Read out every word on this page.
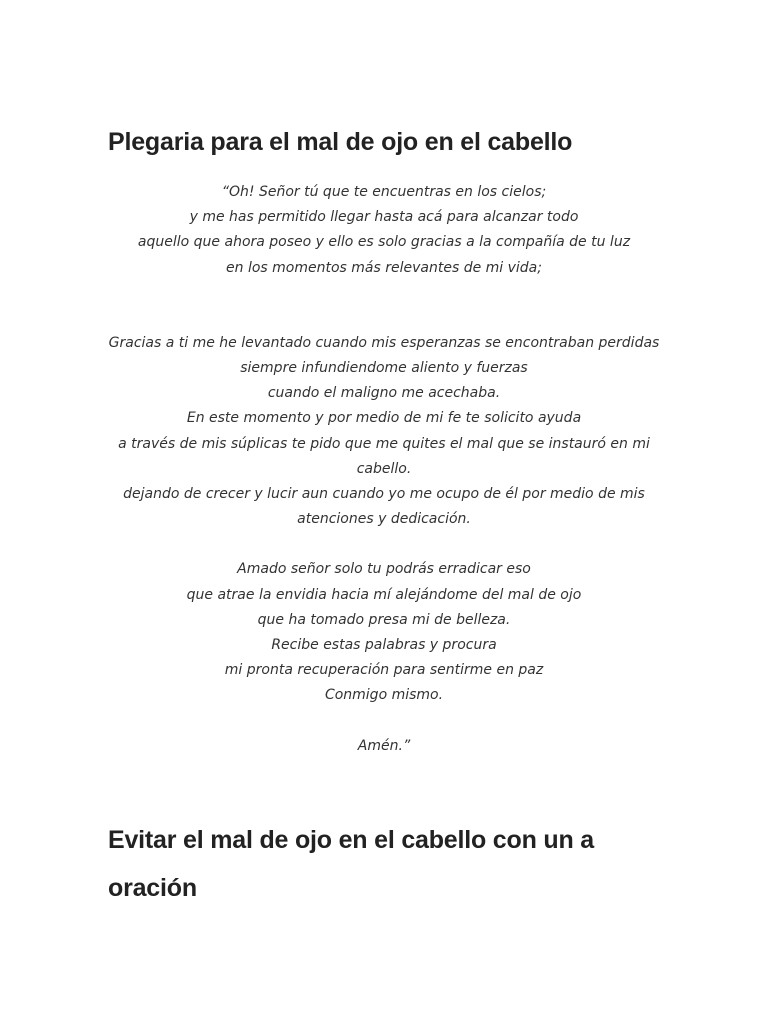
Plegaria para el mal de ojo en el cabello

“Oh! Señor tú que te encuentras en los cielos;
y me has permitido llegar hasta acá para alcanzar todo
aquello que ahora poseo y ello es solo gracias a la compañía de tu luz
en los momentos más relevantes de mi vida;

Gracias a ti me he levantado cuando mis esperanzas se encontraban perdidas
siempre infundiendome aliento y fuerzas
cuando el maligno me acechaba.
En este momento y por medio de mi fe te solicito ayuda
a través de mis súplicas te pido que me quites el mal que se instauró en mi cabello.
dejando de crecer y lucir aun cuando yo me ocupo de él por medio de mis atenciones y dedicación.

Amado señor solo tu podrás erradicar eso
que atrae la envidia hacia mí alejándome del mal de ojo
que ha tomado presa mi de belleza.
Recibe estas palabras y procura
mi pronta recuperación para sentirme en paz
Conmigo mismo.

Amén.”

Evitar el mal de ojo en el cabello con un a oración
